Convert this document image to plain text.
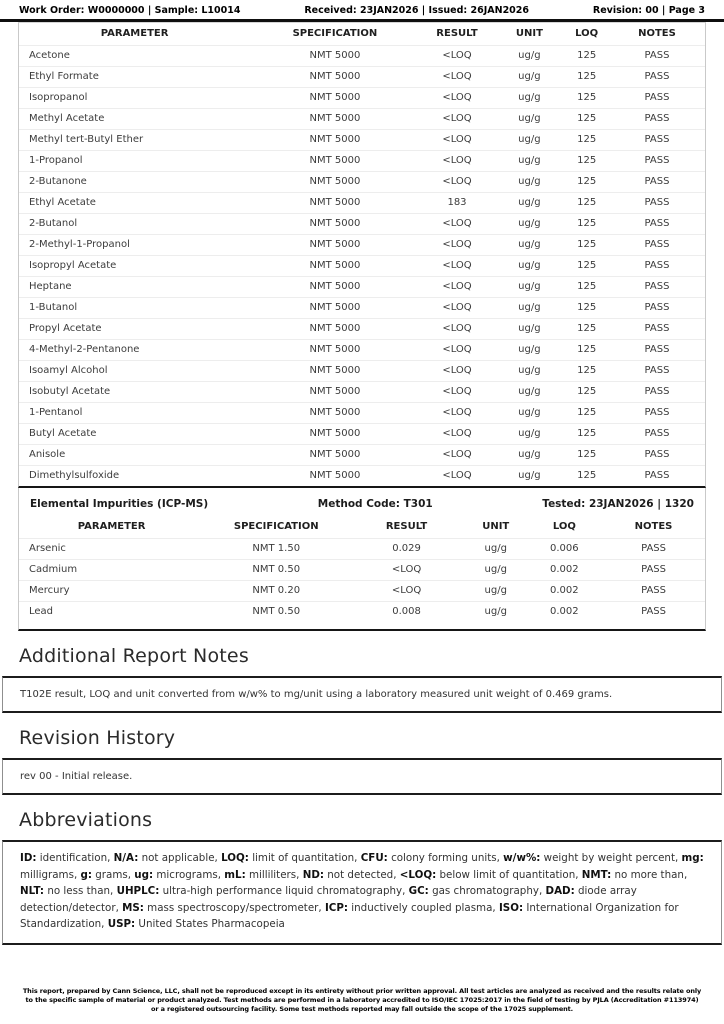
Work Order: W0000000 | Sample: L10014	Received: 23JAN2026 | Issued: 26JAN2026	Revision: 00 | Page 3
PARAMETER	SPECIFICATION	RESULT	UNIT	LOQ	NOTES
Acetone	NMT 5000	<LOQ	ug/g	125	PASS
Ethyl Formate	NMT 5000	<LOQ	ug/g	125	PASS
Isopropanol	NMT 5000	<LOQ	ug/g	125	PASS
Methyl Acetate	NMT 5000	<LOQ	ug/g	125	PASS
Methyl tert-Butyl Ether	NMT 5000	<LOQ	ug/g	125	PASS
1-Propanol	NMT 5000	<LOQ	ug/g	125	PASS
2-Butanone	NMT 5000	<LOQ	ug/g	125	PASS
Ethyl Acetate	NMT 5000	183	ug/g	125	PASS
2-Butanol	NMT 5000	<LOQ	ug/g	125	PASS
2-Methyl-1-Propanol	NMT 5000	<LOQ	ug/g	125	PASS
Isopropyl Acetate	NMT 5000	<LOQ	ug/g	125	PASS
Heptane	NMT 5000	<LOQ	ug/g	125	PASS
1-Butanol	NMT 5000	<LOQ	ug/g	125	PASS
Propyl Acetate	NMT 5000	<LOQ	ug/g	125	PASS
4-Methyl-2-Pentanone	NMT 5000	<LOQ	ug/g	125	PASS
Isoamyl Alcohol	NMT 5000	<LOQ	ug/g	125	PASS
Isobutyl Acetate	NMT 5000	<LOQ	ug/g	125	PASS
1-Pentanol	NMT 5000	<LOQ	ug/g	125	PASS
Butyl Acetate	NMT 5000	<LOQ	ug/g	125	PASS
Anisole	NMT 5000	<LOQ	ug/g	125	PASS
Dimethylsulfoxide	NMT 5000	<LOQ	ug/g	125	PASS
Elemental Impurities (ICP-MS)	Method Code: T301	Tested: 23JAN2026 | 1320
PARAMETER	SPECIFICATION	RESULT	UNIT	LOQ	NOTES
Arsenic	NMT 1.50	0.029	ug/g	0.006	PASS
Cadmium	NMT 0.50	<LOQ	ug/g	0.002	PASS
Mercury	NMT 0.20	<LOQ	ug/g	0.002	PASS
Lead	NMT 0.50	0.008	ug/g	0.002	PASS
Additional Report Notes
T102E result, LOQ and unit converted from w/w% to mg/unit using a laboratory measured unit weight of 0.469 grams.
Revision History
rev 00 - Initial release.
Abbreviations
ID: identification, N/A: not applicable, LOQ: limit of quantitation, CFU: colony forming units, w/w%: weight by weight percent, mg: milligrams, g: grams, ug: micrograms, mL: milliliters, ND: not detected, <LOQ: below limit of quantitation, NMT: no more than, NLT: no less than, UHPLC: ultra-high performance liquid chromatography, GC: gas chromatography, DAD: diode array detection/detector, MS: mass spectroscopy/spectrometer, ICP: inductively coupled plasma, ISO: International Organization for Standardization, USP: United States Pharmacopeia
This report, prepared by Cann Science, LLC, shall not be reproduced except in its entirety without prior written approval. All test articles are analyzed as received and the results relate only
to the specific sample of material or product analyzed. Test methods are performed in a laboratory accredited to ISO/IEC 17025:2017 in the field of testing by PJLA (Accreditation #113974)
or a registered outsourcing facility. Some test methods reported may fall outside the scope of the 17025 supplement.
